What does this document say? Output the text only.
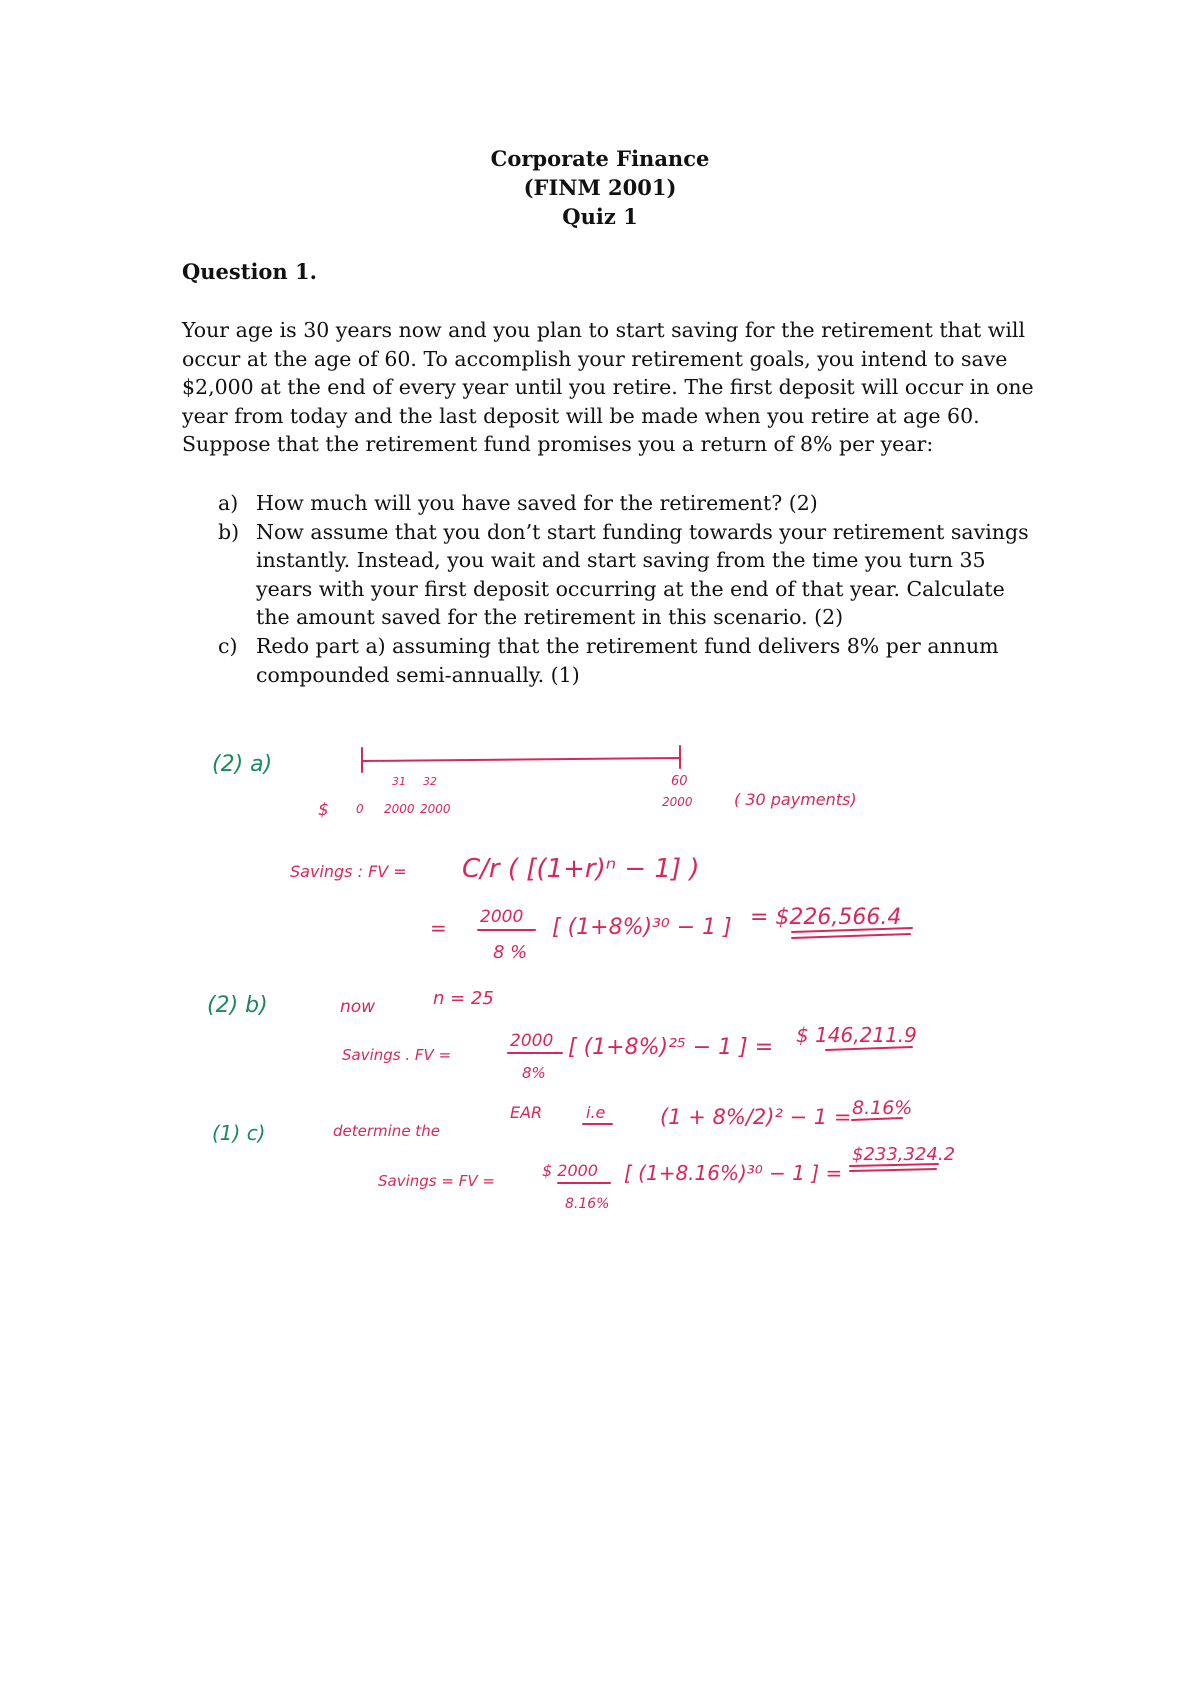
Corporate Finance
(FINM 2001)
Quiz 1
Question 1.
Your age is 30 years now and you plan to start saving for the retirement that will
occur at the age of 60. To accomplish your retirement goals, you intend to save
$2,000 at the end of every year until you retire. The first deposit will occur in one
year from today and the last deposit will be made when you retire at age 60.
Suppose that the retirement fund promises you a return of 8% per year:
a) How much will you have saved for the retirement? (2)
b) Now assume that you don’t start funding towards your retirement savings
instantly. Instead, you wait and start saving from the time you turn 35
years with your first deposit occurring at the end of that year. Calculate
the amount saved for the retirement in this scenario. (2)
c) Redo part a) assuming that the retirement fund delivers 8% per annum
compounded semi-annually. (1)
(2) a)
31 32	60
$ 0 2000 2000	2000	( 30 payments)
Savings : FV = C/r ( [(1+r)ⁿ − 1] )
= 2000
8 %
[ (1+8%)³⁰ − 1 ] = $226,566.4
(2) b)	now	n = 25
Savings . FV =
2000
8%
[ (1+8%)²⁵ − 1 ] = $ 146,211.9
(1) c)	determine the
EAR	i.e	(1 + 8%/2)² − 1 = 8.16%
Savings = FV =
$ 2000
8.16%
[ (1+8.16%)³⁰ − 1 ] =
$233,324.2
